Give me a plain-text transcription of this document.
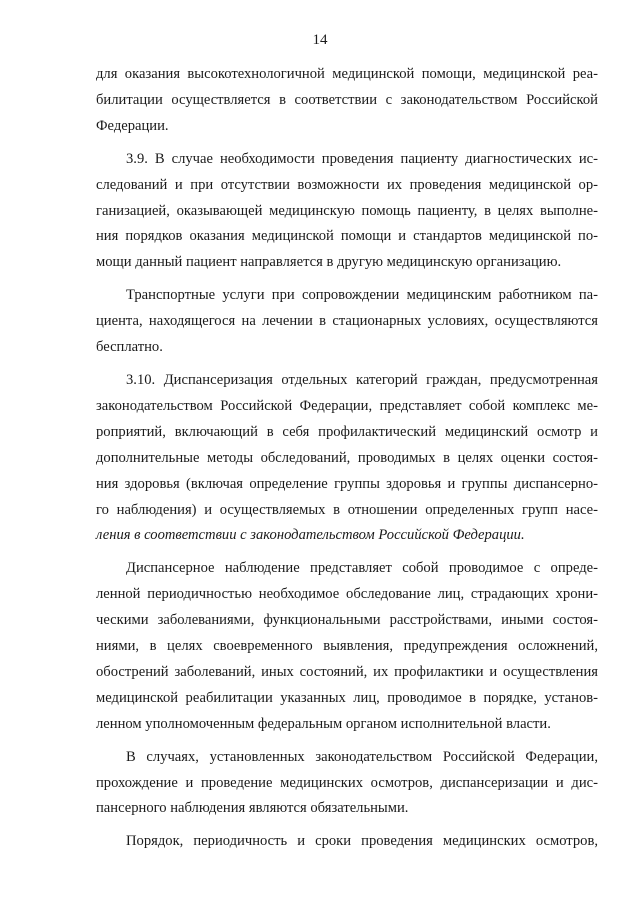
14

для оказания высокотехнологичной медицинской помощи, медицинской реа-
билитации осуществляется в соответствии с законодательством Российской
Федерации.

3.9. В случае необходимости проведения пациенту диагностических ис-
следований и при отсутствии возможности их проведения медицинской ор-
ганизацией, оказывающей медицинскую помощь пациенту, в целях выполне-
ния порядков оказания медицинской помощи и стандартов медицинской по-
мощи данный пациент направляется в другую медицинскую организацию.

Транспортные услуги при сопровождении медицинским работником па-
циента, находящегося на лечении в стационарных условиях, осуществляются
бесплатно.

3.10. Диспансеризация отдельных категорий граждан, предусмотренная
законодательством Российской Федерации, представляет собой комплекс ме-
роприятий, включающий в себя профилактический медицинский осмотр и
дополнительные методы обследований, проводимых в целях оценки состоя-
ния здоровья (включая определение группы здоровья и группы диспансерно-
го наблюдения) и осуществляемых в отношении определенных групп насе-
ления в соответствии с законодательством Российской Федерации.

Диспансерное наблюдение представляет собой проводимое с опреде-
ленной периодичностью необходимое обследование лиц, страдающих хрони-
ческими заболеваниями, функциональными расстройствами, иными состоя-
ниями, в целях своевременного выявления, предупреждения осложнений,
обострений заболеваний, иных состояний, их профилактики и осуществления
медицинской реабилитации указанных лиц, проводимое в порядке, установ-
ленном уполномоченным федеральным органом исполнительной власти.

В случаях, установленных законодательством Российской Федерации,
прохождение и проведение медицинских осмотров, диспансеризации и дис-
пансерного наблюдения являются обязательными.

Порядок, периодичность и сроки проведения медицинских осмотров,
